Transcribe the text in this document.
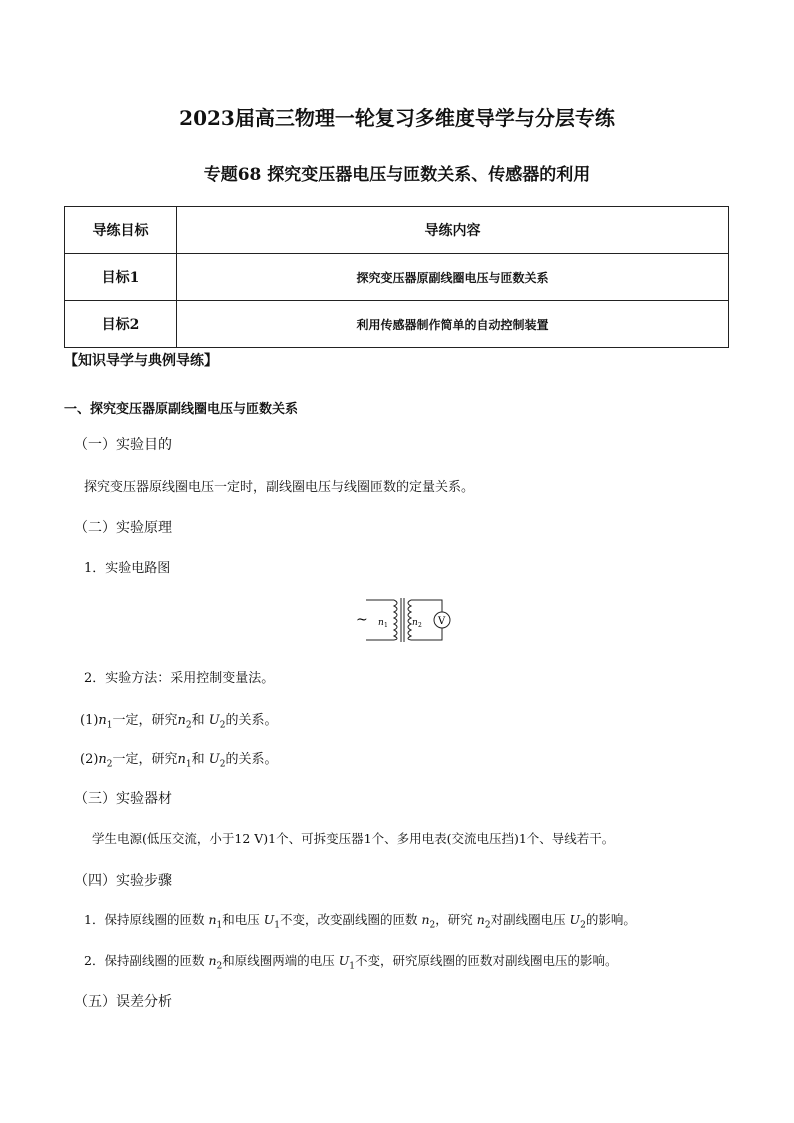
2023届高三物理一轮复习多维度导学与分层专练
专题68 探究变压器电压与匝数关系、传感器的利用
导练目标	导练内容
目标1	探究变压器原副线圈电压与匝数关系
目标2	利用传感器制作简单的自动控制装置
【知识导学与典例导练】
一、探究变压器原副线圈电压与匝数关系
（一）实验目的
探究变压器原线圈电压一定时，副线圈电压与线圈匝数的定量关系。
（二）实验原理
1．实验电路图
~	V
n 1	n 2
2．实验方法：采用控制变量法。
$(1)n_1$一定，研究$n_2$和 $U_2$的关系。
$(2)n_2$一定，研究$n_1$和 $U_2$的关系。
（三）实验器材
学生电源(低压交流，小于12 V)1个、可拆变压器1个、多用电表(交流电压挡)1个、导线若干。
（四）实验步骤
1．保持原线圈的匝数 $n_1$和电压 $U_1$不变，改变副线圈的匝数 $n_2$，研究 $n_2$对副线圈电压 $U_2$的影响。
2．保持副线圈的匝数 $n_2$和原线圈两端的电压 $U_1$不变，研究原线圈的匝数对副线圈电压的影响。
（五）误差分析
